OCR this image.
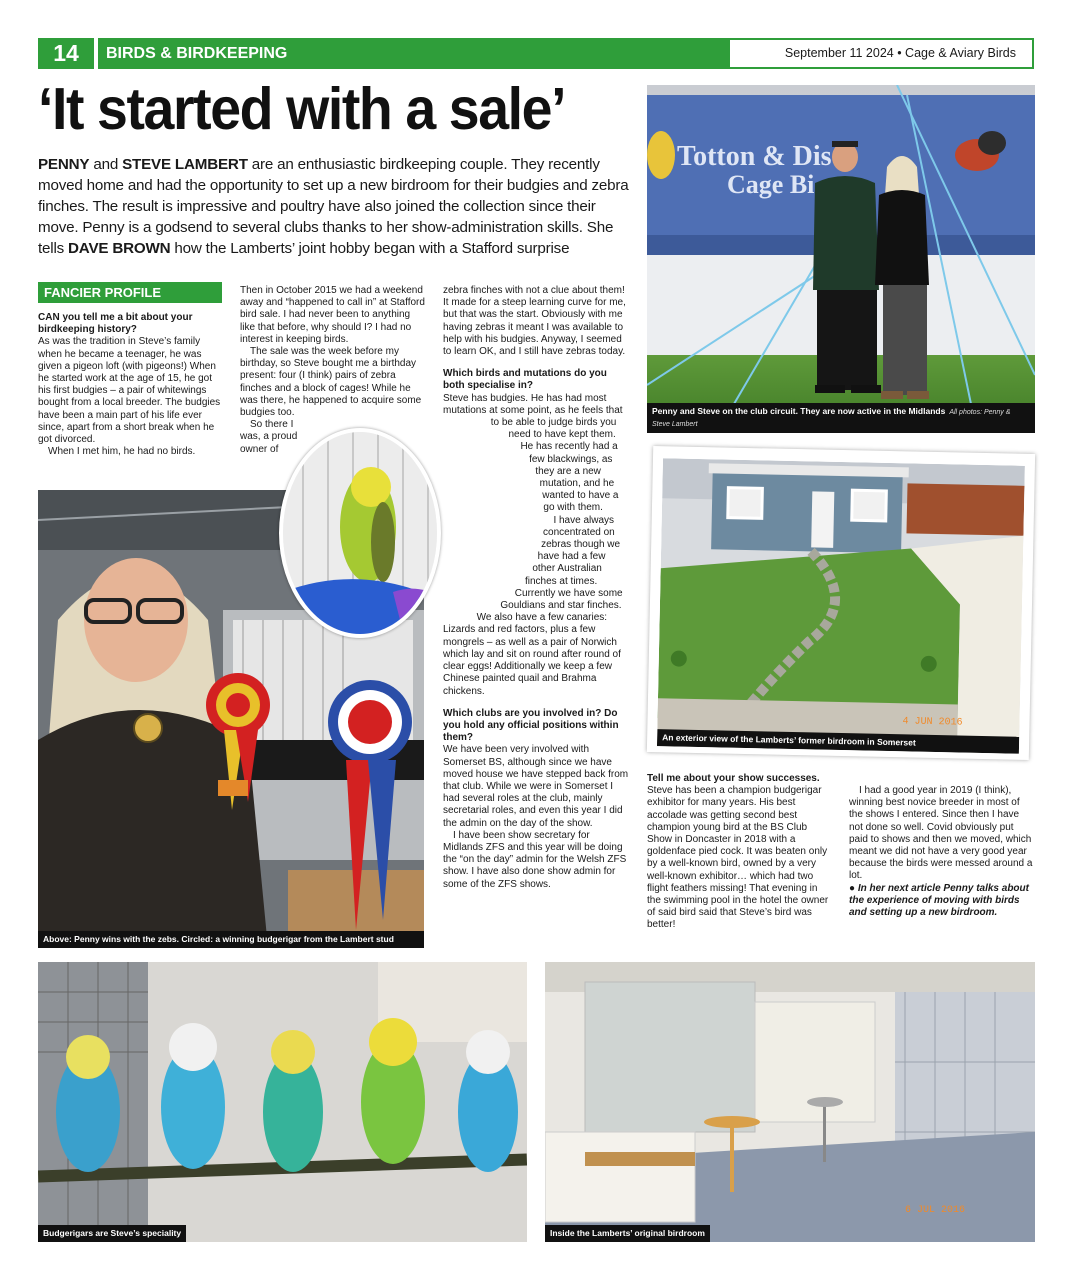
14	BIRDS & BIRDKEEPING	September 11 2024 • Cage & Aviary Birds
‘It started with a sale’
PENNY and STEVE LAMBERT are an enthusiastic birdkeeping couple. They recently moved home and had the opportunity to set up a new birdroom for their budgies and zebra finches. The result is impressive and poultry have also joined the collection since their move. Penny is a godsend to several clubs thanks to her show-administration skills. She tells DAVE BROWN how the Lamberts’ joint hobby began with a Stafford surprise
Totton & Dis
Cage Bi
Penny and Steve on the club circuit. They are now active in the Midlands All photos: Penny & Steve Lambert
4 JUN 2016
An exterior view of the Lamberts’ former birdroom in Somerset
FANCIER PROFILE

CAN you tell me a bit about your birdkeeping history?

As was the tradition in Steve’s family when he became a teenager, he was given a pigeon loft (with pigeons!) When he started work at the age of 15, he got his first budgies – a pair of whitewings bought from a local breeder. The budgies have been a main part of his life ever since, apart from a short break when he got divorced.

When I met him, he had no birds.

Then in October 2015 we had a weekend away and “happened to call in” at Stafford bird sale. I had never been to anything like that before, why should I? I had no interest in keeping birds.

The sale was the week before my birthday, so Steve bought me a birthday present: four (I think) pairs of zebra finches and a block of cages! While he was there, he happened to acquire some budgies too.

So there I was, a proud owner of

zebra finches with not a clue about them! It made for a steep learning curve for me, but that was the start. Obviously with me having zebras it meant I was available to help with his budgies. Anyway, I seemed to learn OK, and I still have zebras today.

Which birds and mutations do you both specialise in?

Steve has budgies. He has had most mutations at some point, as he feels that to be able to judge birds you need to have kept them. He has recently had a few blackwings, as they are a new mutation, and he wanted to have a go with them.

I have always concentrated on zebras though we have had a few other Australian finches at times. Currently we have some Gouldians and star finches. We also have a few canaries: Lizards and red factors, plus a few mongrels – as well as a pair of Norwich which lay and sit on round after round of clear eggs! Additionally we keep a few Chinese painted quail and Brahma chickens.

Which clubs are you involved in? Do you hold any official positions within them?

We have been very involved with Somerset BS, although since we have moved house we have stepped back from that club. While we were in Somerset I had several roles at the club, mainly secretarial roles, and even this year I did the admin on the day of the show.

I have been show secretary for Midlands ZFS and this year will be doing the “on the day” admin for the Welsh ZFS show. I have also done show admin for some of the ZFS shows.

Above: Penny wins with the zebs. Circled: a winning budgerigar from the Lambert stud

Tell me about your show successes.

Steve has been a champion budgerigar exhibitor for many years. His best accolade was getting second best champion young bird at the BS Club Show in Doncaster in 2018 with a goldenface pied cock. It was beaten only by a well-known bird, owned by a very well-known exhibitor… which had two flight feathers missing! That evening in the swimming pool in the hotel the owner of said bird said that Steve’s bird was better!

I had a good year in 2019 (I think), winning best novice breeder in most of the shows I entered. Since then I have not done so well. Covid obviously put paid to shows and then we moved, which meant we did not have a very good year because the birds were messed around a lot.

● In her next article Penny talks about the experience of moving with birds and setting up a new birdroom.

Budgerigars are Steve’s speciality
6 JUL 2016
Inside the Lamberts’ original birdroom
